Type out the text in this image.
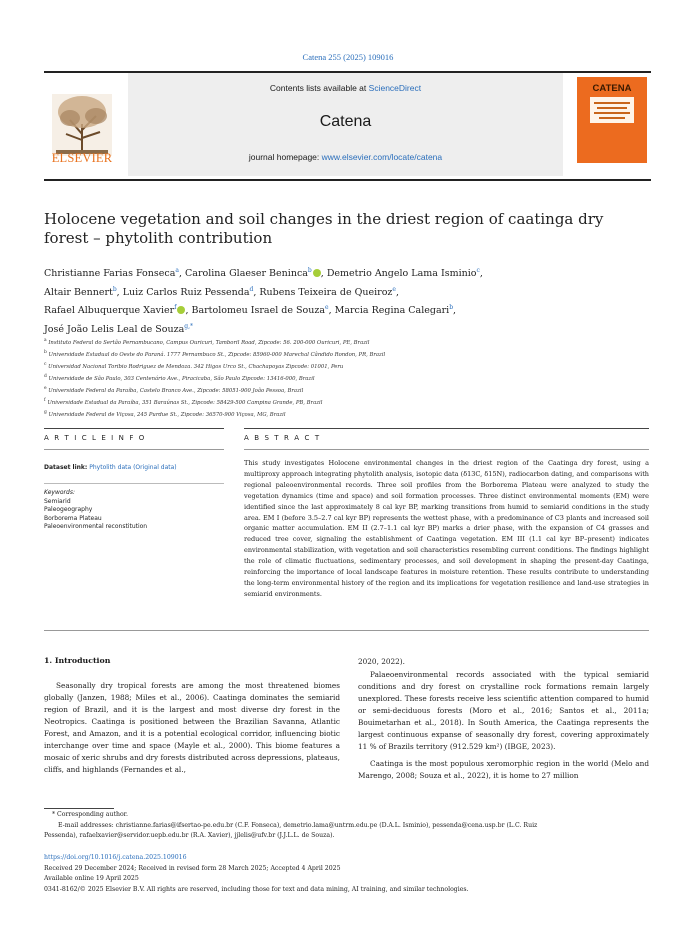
Catena 255 (2025) 109016
Contents lists available at ScienceDirect
Catena
journal homepage: www.elsevier.com/locate/catena
ELSEVIER
CATENA
Holocene vegetation and soil changes in the driest region of caatinga dry
forest – phytolith contribution
Christianne Farias Fonseca$^a$, Carolina Glaeser Beninca$^b$ , Demetrio Angelo Lama Isminio$^c$,
Altair Bennert$^b$, Luiz Carlos Ruiz Pessenda$^d$, Rubens Teixeira de Queiroz$^e$,
Rafael Albuquerque Xavier$^f$ , Bartolomeu Israel de Souza$^e$, Marcia Regina Calegari$^b$,
José João Lelis Leal de Souza$^{g,*}$
$^a$ Instituto Federal do Sertão Pernambucano, Campus Ouricuri, Tamboril Road, Zipcode: 56. 200-000 Ouricuri, PE, Brazil
$^b$ Universidade Estadual do Oeste do Paraná. 1777 Pernambuco St., Zipcode: 85960-000 Marechal Cândido Rondon, PR, Brazil
$^c$ Universidad Nacional Toribio Rodriguez de Mendoza. 342 Higos Urco St., Chachapoyas Zipcode: 01001, Peru
$^d$ Universidade de São Paulo, 303 Centenário Ave., Piracicaba, São Paulo Zipcode: 13416-000, Brazil
$^e$ Universidade Federal da Paraíba, Castelo Branco Ave., Zipcode: 58051-900 João Pessoa, Brazil
$^f$ Universidade Estadual da Paraíba, 351 Baraúnas St., Zipcode: 58429-500 Campina Grande, PB, Brazil
$^g$ Universidade Federal de Viçosa, 245 Purdue St., Zipcode: 36570-900 Viçosa, MG, Brazil
A R T I C L E I N F O	A B S T R A C T
Dataset link: Phytolith data (Original data)
Keywords:
Semiarid
Paleogeography
Borborema Plateau
Paleoenvironmental reconstitution
This study investigates Holocene environmental changes in the driest region of the Caatinga dry forest, using a multiproxy approach integrating phytolith analysis, isotopic data (δ13C, δ15N), radiocarbon dating, and comparisons with regional paleoenvironmental records. Three soil profiles from the Borborema Plateau were analyzed to study the vegetation dynamics (time and space) and soil formation processes. Three distinct environmental moments (EM) were identified since the last approximately 8 cal kyr BP, marking transitions from humid to semiarid conditions in the study area. EM I (before 3.5–2.7 cal kyr BP) represents the wettest phase, with a predominance of C3 plants and increased soil organic matter accumulation. EM II (2.7–1.1 cal kyr BP) marks a drier phase, with the expansion of C4 grasses and reduced tree cover, signaling the establishment of Caatinga vegetation. EM III (1.1 cal kyr BP–present) indicates environmental stabilization, with vegetation and soil characteristics resembling current conditions. The findings highlight the role of climatic fluctuations, sedimentary processes, and soil development in shaping the present-day Caatinga, reinforcing the importance of local landscape features in moisture retention. These results contribute to understanding the long-term environmental history of the region and its implications for vegetation resilience and land-use strategies in semiarid environments.
1. Introduction

Seasonally dry tropical forests are among the most threatened biomes globally (Janzen, 1988; Miles et al., 2006). Caatinga dominates the semiarid region of Brazil, and it is the largest and most diverse dry forest in the Neotropics. Caatinga is positioned between the Brazilian Savanna, Atlantic Forest, and Amazon, and it is a potential ecological corridor, influencing biotic interchange over time and space (Mayle et al., 2000). This biome features a mosaic of xeric shrubs and dry forests distributed across depressions, plateaus, cliffs, and highlands (Fernandes et al.,

2020, 2022).

Palaeoenvironmental records associated with the typical semiarid conditions and dry forest on crystalline rock formations remain largely unexplored. These forests receive less scientific attention compared to humid or semi-deciduous forests (Moro et al., 2016; Santos et al., 2011a; Bouimetarhan et al., 2018). In South America, the Caatinga represents the largest continuous expanse of seasonally dry forest, covering approximately 11 % of Brazils territory (912.529 km²) (IBGE, 2023).

Caatinga is the most populous xeromorphic region in the world (Melo and Marengo, 2008; Souza et al., 2022), it is home to 27 million

* Corresponding author.
E-mail addresses: christianne.farias@ifsertao-pe.edu.br (C.F. Fonseca), demetrio.lama@untrm.edu.pe (D.A.L. Isminio), pessenda@cena.usp.br (L.C. Ruiz
Pessenda), rafaelxavier@servidor.uepb.edu.br (R.A. Xavier), jjlelis@ufv.br (J.J.L.L. de Souza).
https://doi.org/10.1016/j.catena.2025.109016
Received 29 December 2024; Received in revised form 28 March 2025; Accepted 4 April 2025
Available online 19 April 2025
0341-8162/© 2025 Elsevier B.V. All rights are reserved, including those for text and data mining, AI training, and similar technologies.
